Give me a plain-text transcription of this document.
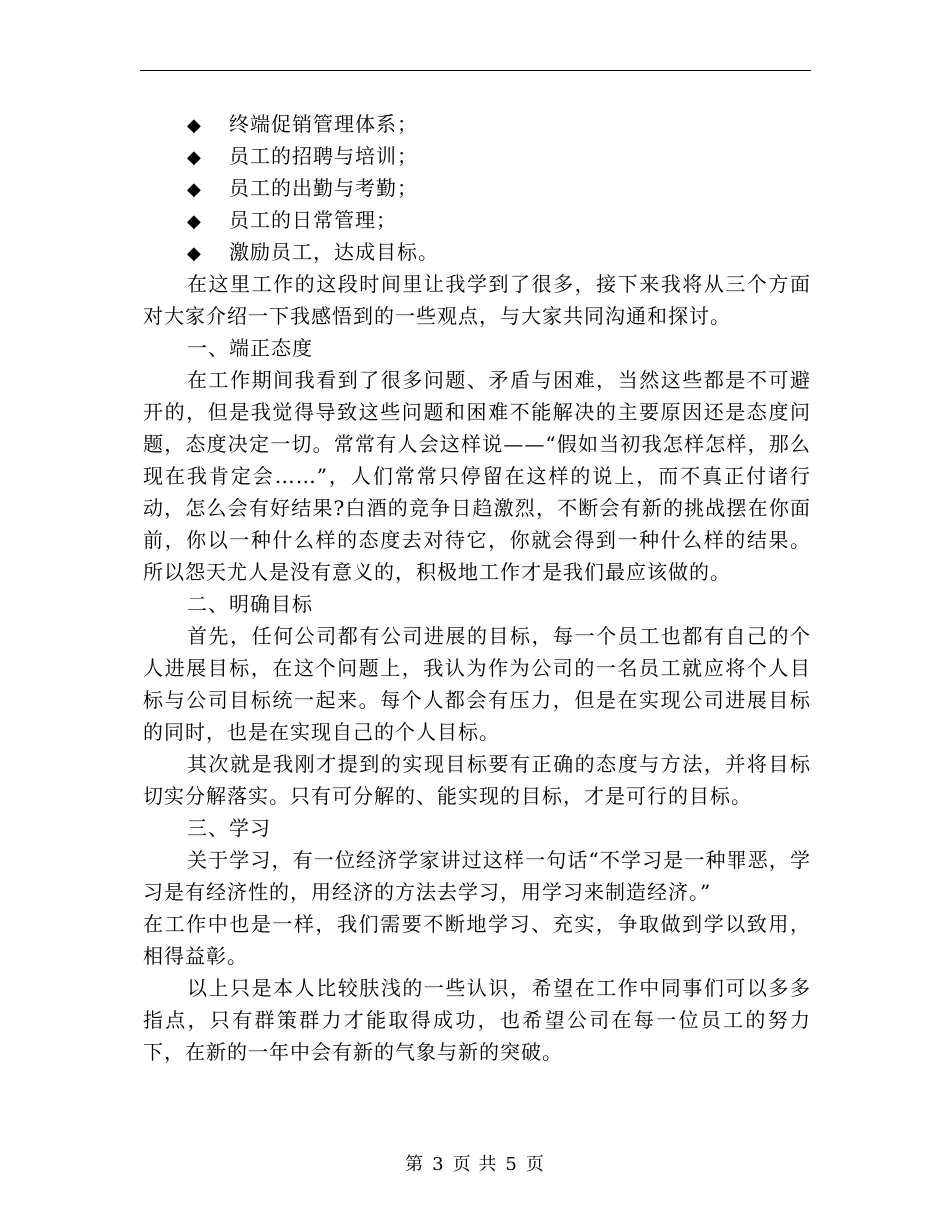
◆ 终端促销管理体系；
◆ 员工的招聘与培训；
◆ 员工的出勤与考勤；
◆ 员工的日常管理；
◆ 激励员工，达成目标。

在这里工作的这段时间里让我学到了很多，接下来我将从三个方面对大家介绍一下我感悟到的一些观点，与大家共同沟通和探讨。

一、端正态度

在工作期间我看到了很多问题、矛盾与困难，当然这些都是不可避开的，但是我觉得导致这些问题和困难不能解决的主要原因还是态度问题，态度决定一切。常常有人会这样说——“假如当初我怎样怎样，那么现在我肯定会……”，人们常常只停留在这样的说上，而不真正付诸行动，怎么会有好结果?白酒的竞争日趋激烈，不断会有新的挑战摆在你面前，你以一种什么样的态度去对待它，你就会得到一种什么样的结果。所以怨天尤人是没有意义的，积极地工作才是我们最应该做的。

二、明确目标

首先，任何公司都有公司进展的目标，每一个员工也都有自己的个人进展目标，在这个问题上，我认为作为公司的一名员工就应将个人目标与公司目标统一起来。每个人都会有压力，但是在实现公司进展目标的同时，也是在实现自己的个人目标。

其次就是我刚才提到的实现目标要有正确的态度与方法，并将目标切实分解落实。只有可分解的、能实现的目标，才是可行的目标。

三、学习

关于学习，有一位经济学家讲过这样一句话“不学习是一种罪恶，学习是有经济性的，用经济的方法去学习，用学习来制造经济。”

在工作中也是一样，我们需要不断地学习、充实，争取做到学以致用，相得益彰。

以上只是本人比较肤浅的一些认识，希望在工作中同事们可以多多指点，只有群策群力才能取得成功，也希望公司在每一位员工的努力下，在新的一年中会有新的气象与新的突破。

第 3 页 共 5 页
